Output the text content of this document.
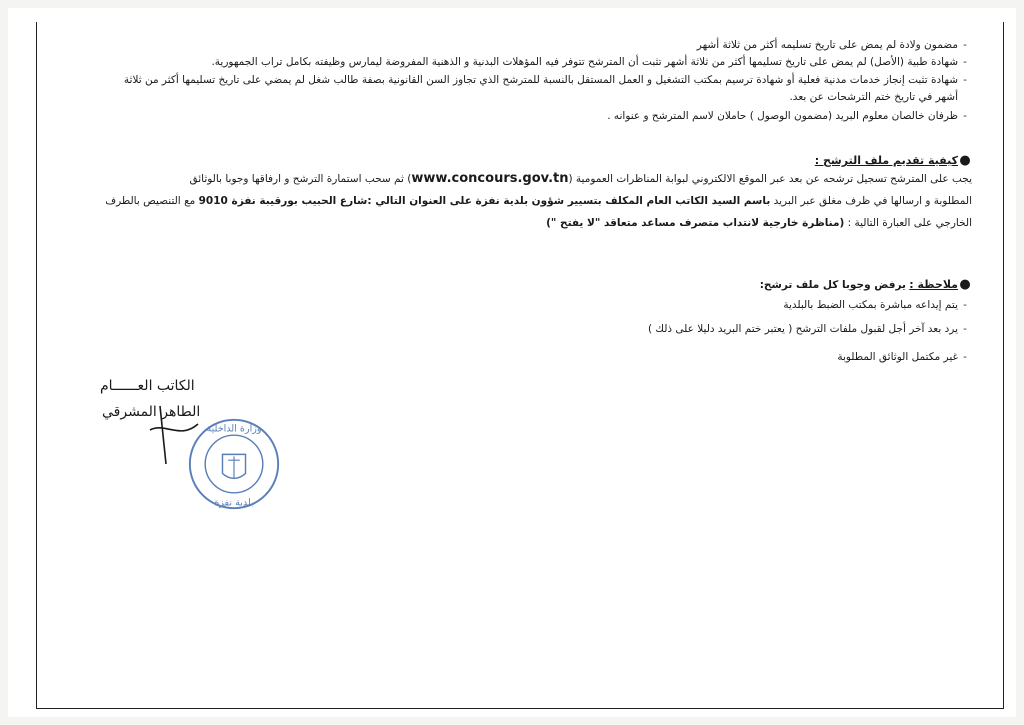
-مضمون ولادة لم يمض على تاريخ تسليمه أكثر من ثلاثة أشهر
-شهادة طبية (الأصل) لم يمض على تاريخ تسليمها أكثر من ثلاثة أشهر تثبت أن المترشح تتوفر فيه المؤهلات البدنية و الذهنية المفروضة ليمارس وظيفته بكامل تراب الجمهورية.
-شهادة تثبت إنجاز خدمات مدنية فعلية أو شهادة ترسيم بمكتب التشغيل و العمل المستقل بالنسبة للمترشح الذي تجاوز السن القانونية بصفة طالب شغل لم يمضي على تاريخ تسليمها أكثر من ثلاثة
أشهر في تاريخ ختم الترشحات عن بعد.
-ظرفان خالصان معلوم البريد (مضمون الوصول ) حاملان لاسم المترشح و عنوانه .
●كيفية تقديم ملف الترشح :
يجب على المترشح تسجيل ترشحه عن بعد عبر الموقع الالكتروني لبوابة المناظرات العمومية (www.concours.gov.tn) ثم سحب استمارة الترشح و ارفاقها وجوبا بالوثائق
المطلوبة و ارسالها في ظرف مغلق عبر البريد باسم السيد الكاتب العام المكلف بتسيير شؤون بلدية نفزة على العنوان التالي :شارع الحبيب بورقيبة نفزة 9010 مع التنصيص بالطرف
الخارجي على العبارة التالية : (مناظرة خارجية لانتداب متصرف مساعد متعاقد "لا يفتح ")
●ملاحظة : يرفض وجوبا كل ملف ترشح:
-يتم إيداعه مباشرة بمكتب الضبط بالبلدية
-يرد بعد آخر أجل لقبول ملفات الترشح ( يعتبر ختم البريد دليلا على ذلك )
-غير مكتمل الوثائق المطلوبة
الكاتب العــــــام
الطاهر المشرقي
وزارة الداخلية
بلدية نفزة
